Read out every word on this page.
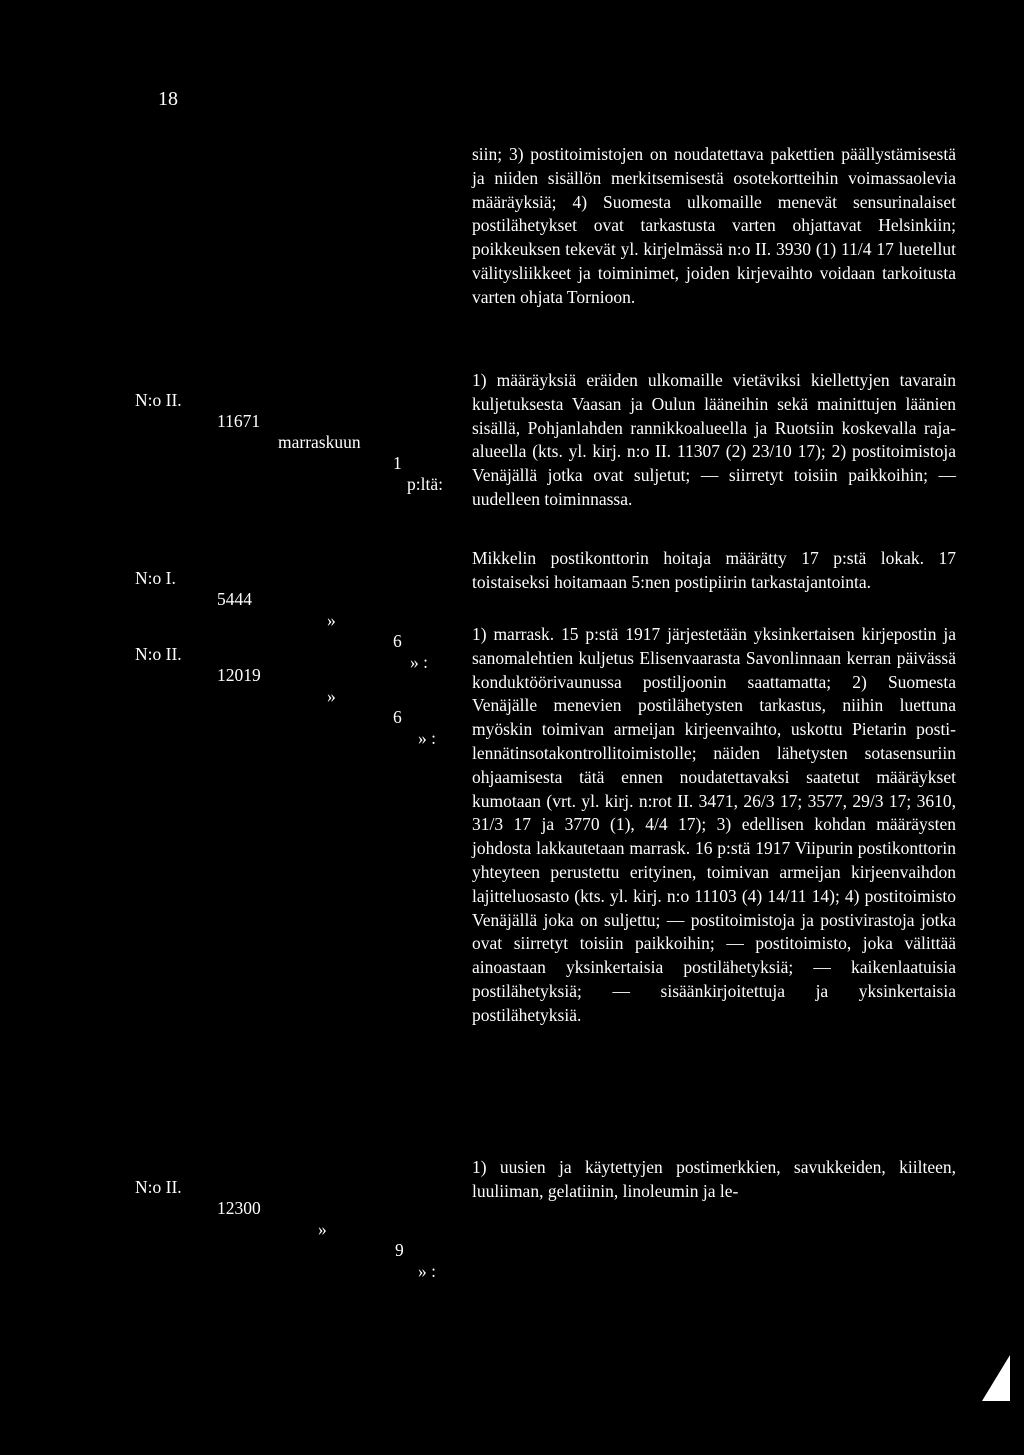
18
siin; 3) postitoimistojen on noudatettava pakettien päällystämisestä ja niiden sisällön merkitsemisestä osotekortteihin voimassaolevia määräyksiä; 4) Suomesta ulkomaille menevät sensurinalaiset postilähetykset ovat tarkastusta varten ohjattavat Helsinkiin; poikkeuksen tekevät yl. kirjelmässä n:o II. 3930 (1) 11/4 17 luetellut välitysliikkeet ja toiminimet, joiden kirjevaihto voidaan tarkoitusta varten ohjata Tornioon.

N:o II.

11671

marraskuun

1

p:ltä:

1) määräyksiä eräiden ulkomaille vietäviksi kiellettyjen tavarain kuljetuksesta Vaasan ja Oulun lääneihin sekä mainittujen läänien sisällä, Pohjanlahden rannikkoalueella ja Ruotsiin koskevalla raja-alueella (kts. yl. kirj. n:o II. 11307 (2) 23/10 17); 2) postitoimistoja Venäjällä jotka ovat suljetut; — siirretyt toisiin paikkoihin; — uudelleen toiminnassa.

N:o I.

5444

»

6

» :

Mikkelin postikonttorin hoitaja määrätty 17 p:stä lokak. 17 toistaiseksi hoitamaan 5:nen postipiirin tarkastajantointa.

N:o II.

12019

»

6

» :

1) marrask. 15 p:stä 1917 järjestetään yksinkertaisen kirjepostin ja sanomalehtien kuljetus Elisenvaarasta Savonlinnaan kerran päivässä konduktöörivaunussa postiljoonin saattamatta; 2) Suomesta Venäjälle menevien postilähetysten tarkastus, niihin luettuna myöskin toimivan armeijan kirjeenvaihto, uskottu Pietarin posti-lennätinsotakontrollitoimistolle; näiden lähetysten sotasensuriin ohjaamisesta tätä ennen noudatettavaksi saatetut määräykset kumotaan (vrt. yl. kirj. n:rot II. 3471, 26/3 17; 3577, 29/3 17; 3610, 31/3 17 ja 3770 (1), 4/4 17); 3) edellisen kohdan määräysten johdosta lakkautetaan marrask. 16 p:stä 1917 Viipurin postikonttorin yhteyteen perustettu erityinen, toimivan armeijan kirjeenvaihdon lajitteluosasto (kts. yl. kirj. n:o 11103 (4) 14/11 14); 4) postitoimisto Venäjällä joka on suljettu; — postitoimistoja ja postivirastoja jotka ovat siirretyt toisiin paikkoihin; — postitoimisto, joka välittää ainoastaan yksinkertaisia postilähetyksiä; — kaikenlaatuisia postilähetyksiä; — sisäänkirjoitettuja ja yksinkertaisia postilähetyksiä.

N:o II.

12300

»

9

» :

1) uusien ja käytettyjen postimerkkien, savukkeiden, kiilteen, luuliiman, gelatiinin, linoleumin ja le-
